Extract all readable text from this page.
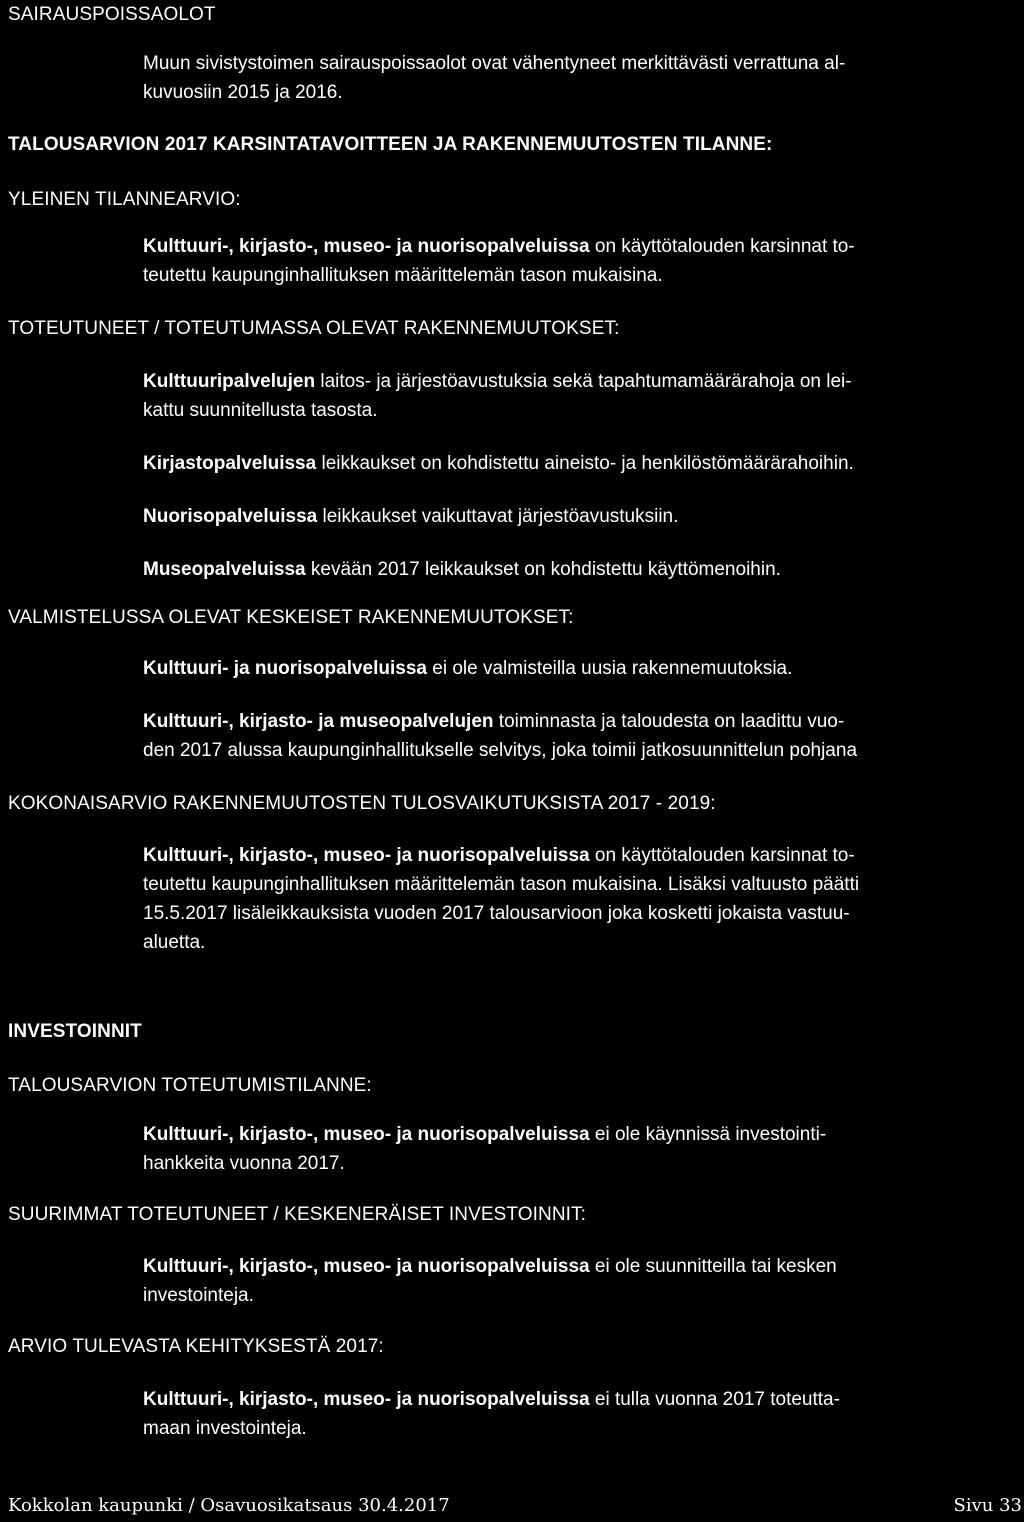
SAIRAUSPOISSAOLOT
Muun sivistystoimen sairauspoissaolot ovat vähentyneet merkittävästi verrattuna al-
kuvuosiin 2015 ja 2016.
TALOUSARVION 2017 KARSINTATAVOITTEEN JA RAKENNEMUUTOSTEN TILANNE:
YLEINEN TILANNEARVIO:
Kulttuuri-, kirjasto-, museo- ja nuorisopalveluissa on käyttötalouden karsinnat to-
teutettu kaupunginhallituksen määrittelemän tason mukaisina.
TOTEUTUNEET / TOTEUTUMASSA OLEVAT RAKENNEMUUTOKSET:
Kulttuuripalvelujen laitos- ja järjestöavustuksia sekä tapahtumamäärärahoja on lei-
kattu suunnitellusta tasosta.
Kirjastopalveluissa leikkaukset on kohdistettu aineisto- ja henkilöstömäärärahoihin.
Nuorisopalveluissa leikkaukset vaikuttavat järjestöavustuksiin.
Museopalveluissa kevään 2017 leikkaukset on kohdistettu käyttömenoihin.
VALMISTELUSSA OLEVAT KESKEISET RAKENNEMUUTOKSET:
Kulttuuri- ja nuorisopalveluissa ei ole valmisteilla uusia rakennemuutoksia.
Kulttuuri-, kirjasto- ja museopalvelujen toiminnasta ja taloudesta on laadittu vuo-
den 2017 alussa kaupunginhallitukselle selvitys, joka toimii jatkosuunnittelun pohjana
KOKONAISARVIO RAKENNEMUUTOSTEN TULOSVAIKUTUKSISTA 2017 - 2019:
Kulttuuri-, kirjasto-, museo- ja nuorisopalveluissa on käyttötalouden karsinnat to-
teutettu kaupunginhallituksen määrittelemän tason mukaisina. Lisäksi valtuusto päätti
15.5.2017 lisäleikkauksista vuoden 2017 talousarvioon joka kosketti jokaista vastuu-
aluetta.
INVESTOINNIT
TALOUSARVION TOTEUTUMISTILANNE:
Kulttuuri-, kirjasto-, museo- ja nuorisopalveluissa ei ole käynnissä investointi-
hankkeita vuonna 2017.
SUURIMMAT TOTEUTUNEET / KESKENERÄISET INVESTOINNIT:
Kulttuuri-, kirjasto-, museo- ja nuorisopalveluissa ei ole suunnitteilla tai kesken
investointeja.
ARVIO TULEVASTA KEHITYKSESTÄ 2017:
Kulttuuri-, kirjasto-, museo- ja nuorisopalveluissa ei tulla vuonna 2017 toteutta-
maan investointeja.
Kokkolan kaupunki / Osavuosikatsaus 30.4.2017	Sivu 33
